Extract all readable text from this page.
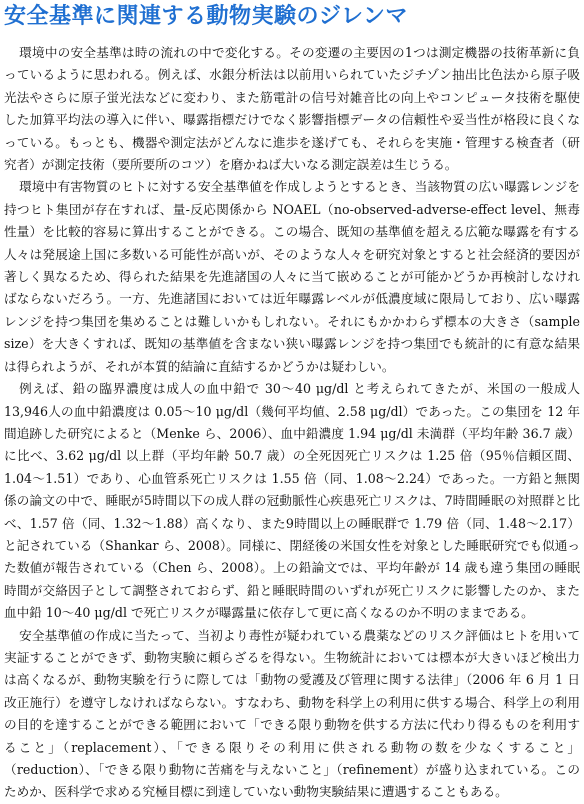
安全基準に関連する動物実験のジレンマ

環境中の安全基準は時の流れの中で変化する。その変遷の主要因の1つは測定機器の技術革新に負っているように思われる。例えば、水銀分析法は以前用いられていたジチゾン抽出比色法から原子吸光法やさらに原子蛍光法などに変わり、また筋電計の信号対雑音比の向上やコンピュータ技術を駆使した加算平均法の導入に伴い、曝露指標だけでなく影響指標データの信頼性や妥当性が格段に良くなっている。もっとも、機器や測定法がどんなに進歩を遂げても、それらを実施・管理する検査者（研究者）が測定技術（要所要所のコツ）を磨かねば大いなる測定誤差は生じうる。

環境中有害物質のヒトに対する安全基準値を作成しようとするとき、当該物質の広い曝露レンジを持つヒト集団が存在すれば、量-反応関係から NOAEL（no-observed-adverse-effect level、無毒性量）を比較的容易に算出することができる。この場合、既知の基準値を超える広範な曝露を有する人々は発展途上国に多数いる可能性が高いが、そのような人々を研究対象とすると社会経済的要因が著しく異なるため、得られた結果を先進諸国の人々に当て嵌めることが可能かどうか再検討しなければならないだろう。一方、先進諸国においては近年曝露レベルが低濃度域に限局しており、広い曝露レンジを持つ集団を集めることは難しいかもしれない。それにもかかわらず標本の大きさ（sample size）を大きくすれば、既知の基準値を含まない狭い曝露レンジを持つ集団でも統計的に有意な結果は得られようが、それが本質的結論に直結するかどうかは疑わしい。

例えば、鉛の臨界濃度は成人の血中鉛で 30～40 μg/dl と考えられてきたが、米国の一般成人 13,946人の血中鉛濃度は 0.05～10 μg/dl（幾何平均値、2.58 μg/dl）であった。この集団を 12 年間追跡した研究によると（Menke ら、2006）、血中鉛濃度 1.94 μg/dl 未満群（平均年齢 36.7 歳）に比べ、3.62 μg/dl 以上群（平均年齢 50.7 歳）の全死因死亡リスクは 1.25 倍（95％信頼区間、1.04～1.51）であり、心血管系死亡リスクは 1.55 倍（同、1.08～2.24）であった。一方鉛と無関係の論文の中で、睡眠が5時間以下の成人群の冠動脈性心疾患死亡リスクは、7時間睡眠の対照群と比べ、1.57 倍（同、1.32～1.88）高くなり、また9時間以上の睡眠群で 1.79 倍（同、1.48～2.17）と記されている（Shankar ら、2008）。同様に、閉経後の米国女性を対象とした睡眠研究でも似通った数値が報告されている（Chen ら、2008）。上の鉛論文では、平均年齢が 14 歳も違う集団の睡眠時間が交絡因子として調整されておらず、鉛と睡眠時間のいずれが死亡リスクに影響したのか、また血中鉛 10～40 μg/dl で死亡リスクが曝露量に依存して更に高くなるのか不明のままである。

安全基準値の作成に当たって、当初より毒性が疑われている農薬などのリスク評価はヒトを用いて実証することができず、動物実験に頼らざるを得ない。生物統計においては標本が大きいほど検出力は高くなるが、動物実験を行うに際しては「動物の愛護及び管理に関する法律」（2006 年 6 月 1 日改正施行）を遵守しなければならない。すなわち、動物を科学上の利用に供する場合、科学上の利用の目的を達することができる範囲において「できる限り動物を供する方法に代わり得るものを利用すること」（replacement）、「できる限りその利用に供される動物の数を少なくすること」（reduction）、「できる限り動物に苦痛を与えないこと」（refinement）が盛り込まれている。このためか、医科学で求める究極目標に到達していない動物実験結果に遭遇することもある。
